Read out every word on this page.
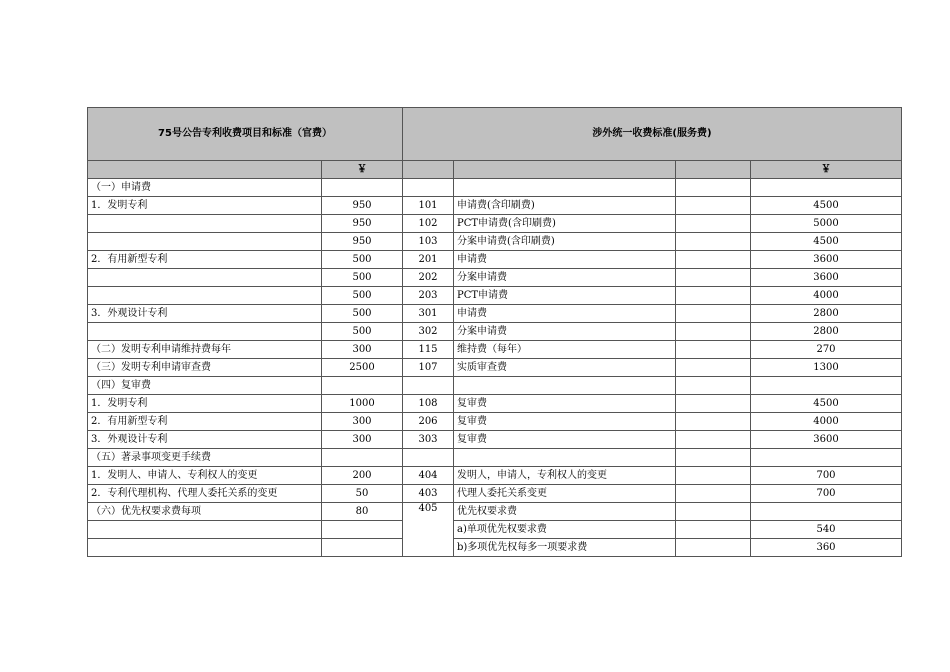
75号公告专利收费项目和标准（官费）		涉外统一收费标准(服务费)			
	￥				￥
（一）申请费					
1．发明专利	950	101	申请费(含印刷费)		4500
	950	102	PCT申请费(含印刷费)		5000
	950	103	分案申请费(含印刷费)		4500
2．有用新型专利	500	201	申请费		3600
	500	202	分案申请费		3600
	500	203	PCT申请费		4000
3．外观设计专利	500	301	申请费		2800
	500	302	分案申请费		2800
（二）发明专利申请维持费每年	300	115	维持费（每年）		270
（三）发明专利申请审查费	2500	107	实质审查费		1300
（四）复审费					
1．发明专利	1000	108	复审费		4500
2．有用新型专利	300	206	复审费		4000
3．外观设计专利	300	303	复审费		3600
（五）著录事项变更手续费					
1．发明人、申请人、专利权人的变更	200	404	发明人，申请人，专利权人的变更		700
2．专利代理机构、代理人委托关系的变更	50	403	代理人委托关系变更		700
（六）优先权要求费每项	80	405	优先权要求费		
			a)单项优先权要求费		540
			b)多项优先权每多一项要求费		360
